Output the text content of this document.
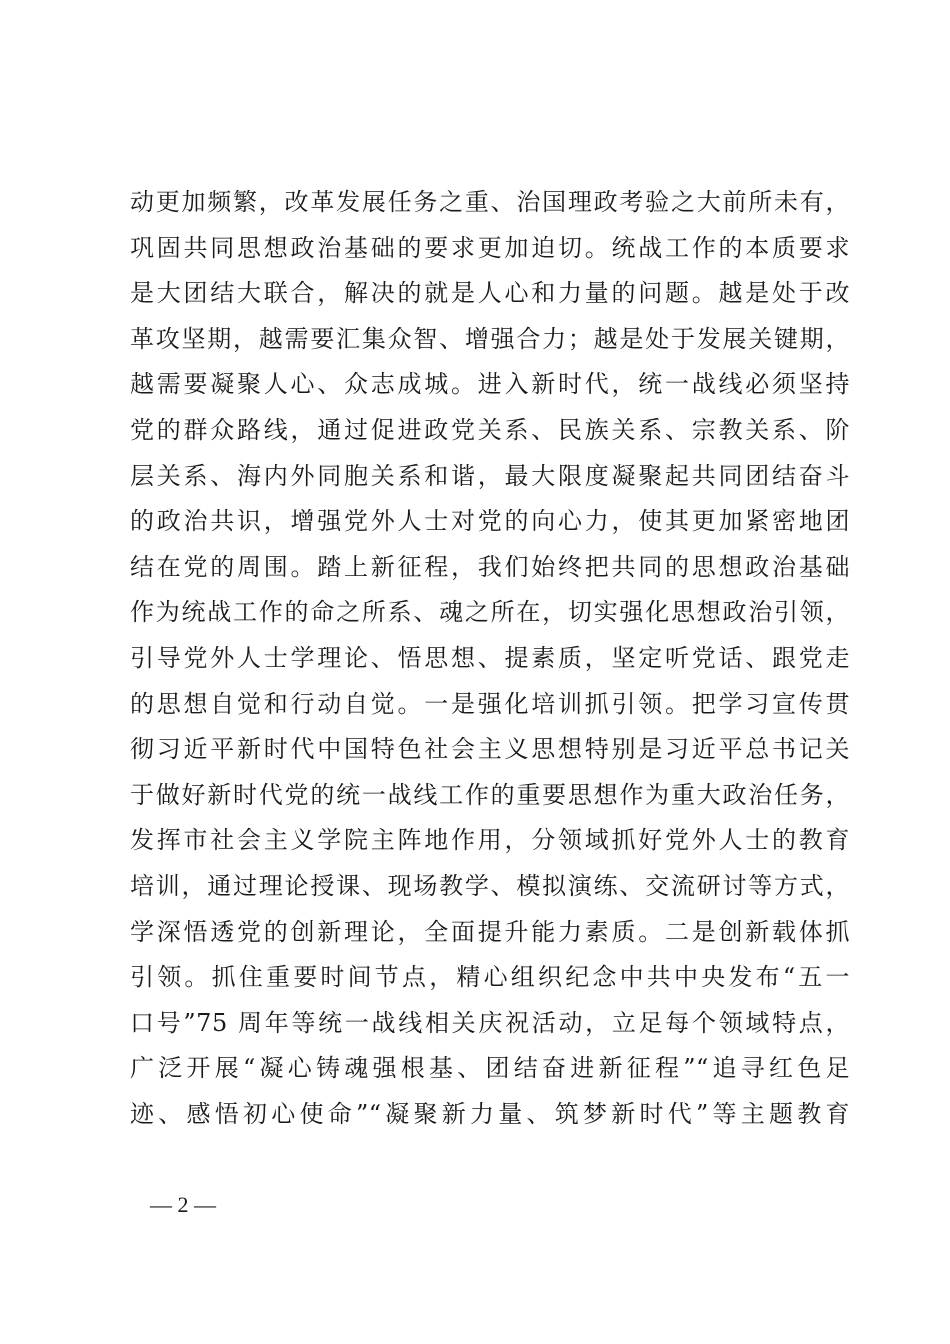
动更加频繁，改革发展任务之重、治国理政考验之大前所未有，
巩固共同思想政治基础的要求更加迫切。统战工作的本质要求
是大团结大联合，解决的就是人心和力量的问题。越是处于改
革攻坚期，越需要汇集众智、增强合力；越是处于发展关键期，
越需要凝聚人心、众志成城。进入新时代，统一战线必须坚持
党的群众路线，通过促进政党关系、民族关系、宗教关系、阶
层关系、海内外同胞关系和谐，最大限度凝聚起共同团结奋斗
的政治共识，增强党外人士对党的向心力，使其更加紧密地团
结在党的周围。踏上新征程，我们始终把共同的思想政治基础
作为统战工作的命之所系、魂之所在，切实强化思想政治引领，
引导党外人士学理论、悟思想、提素质，坚定听党话、跟党走
的思想自觉和行动自觉。一是强化培训抓引领。把学习宣传贯
彻习近平新时代中国特色社会主义思想特别是习近平总书记关
于做好新时代党的统一战线工作的重要思想作为重大政治任务，
发挥市社会主义学院主阵地作用，分领域抓好党外人士的教育
培训，通过理论授课、现场教学、模拟演练、交流研讨等方式，
学深悟透党的创新理论，全面提升能力素质。二是创新载体抓
引领。抓住重要时间节点，精心组织纪念中共中央发布“五一
口号”75 周年等统一战线相关庆祝活动，立足每个领域特点，
广泛开展“凝心铸魂强根基、团结奋进新征程”“追寻红色足
迹、感悟初心使命”“凝聚新力量、筑梦新时代”等主题教育
— 2 —
